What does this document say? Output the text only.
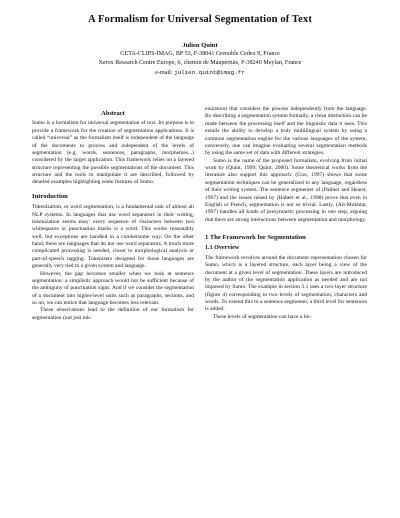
A Formalism for Universal Segmentation of Text
Julien Quint
GETA-CLIPS-IMAG, BP 53, F-38041 Grenoble Cedex 9, France
Xerox Research Centre Europe, 6, chemin de Maupertuis, F-38240 Meylan, France
e-mail: julien.quint@imag.fr
Abstract

Sumo is a formalism for universal segmentation of text. Its purpose is to provide a framework for the creation of segmentation applications. It is called “universal” as the formalism itself is independent of the language of the documents to process and independent of the levels of segmentation (e.g. words, sentences, paragraphs, morphemes...) considered by the target application. This framework relies on a layered structure representing the possible segmentations of the document. This structure and the tools to manipulate it are described, followed by detailed examples highlighting some features of Sumo.

Introduction

Tokenization, or word segmentation, is a fundamental task of almost all NLP systems. In languages that use word separators in their writing, tokenization seems easy: every sequence of characters between two whitespaces or punctuation marks is a word. This works reasonably well, but exceptions are handled in a cumbersome way. On the other hand, there are languages that do not use word separators. A much more complicated processing is needed, closer to morphological analysis or part-of-speech tagging. Tokenizers designed for those languages are generally very tied to a given system and language.

However, the gap becomes smaller when we look at sentence segmentation: a simplistic approach would not be sufficient because of the ambiguity of punctuation signs. And if we consider the segmentation of a document into higher-level units such as paragraphs, sections, and so on, we can notice that language becomes less relevant.

These observations lead to the definition of our formalism for segmentation (not just tok-

enization) that considers the process independently from the language. By describing a segmentation system formally, a clean distinction can be made between the processing itself and the linguistic data it uses. This entails the ability to develop a truly multilingual system by using a common segmentation engine for the various languages of the system; conversely, one can imagine evaluating several segmentation methods by using the same set of data with different strategies.

Sumo is the name of the proposed formalism, evolving from initial work by (Quint, 1999; Quint, 2000). Some theoretical works from the literature also support this approach: (Guo, 1997) shows that some segmentation techniques can be generalized to any language, regardless of their writing system. The sentence segmenter of (Palmer and Hearst, 1997) and the issues raised by (Habert et al., 1998) prove that even in English or French, segmentation is not so trivial. Lastly, (Aït-Mokhtar, 1997) handles all kinds of presyntactic processing in one step, arguing that there are strong interactions between segmentation and morphology.

1 The Framework for Segmentation
1.1 Overview

The framework revolves around the document representation chosen for Sumo, which is a layered structure, each layer being a view of the document at a given level of segmentation. These layers are introduced by the author of the segmentation application as needed and are not imposed by Sumo. The example in section 3.1 uses a two-layer structure (figure 4) corresponding to two levels of segmentation, characters and words. To extend this to a sentence segmenter, a third level for sentences is added.

These levels of segmentation can have a lin-
